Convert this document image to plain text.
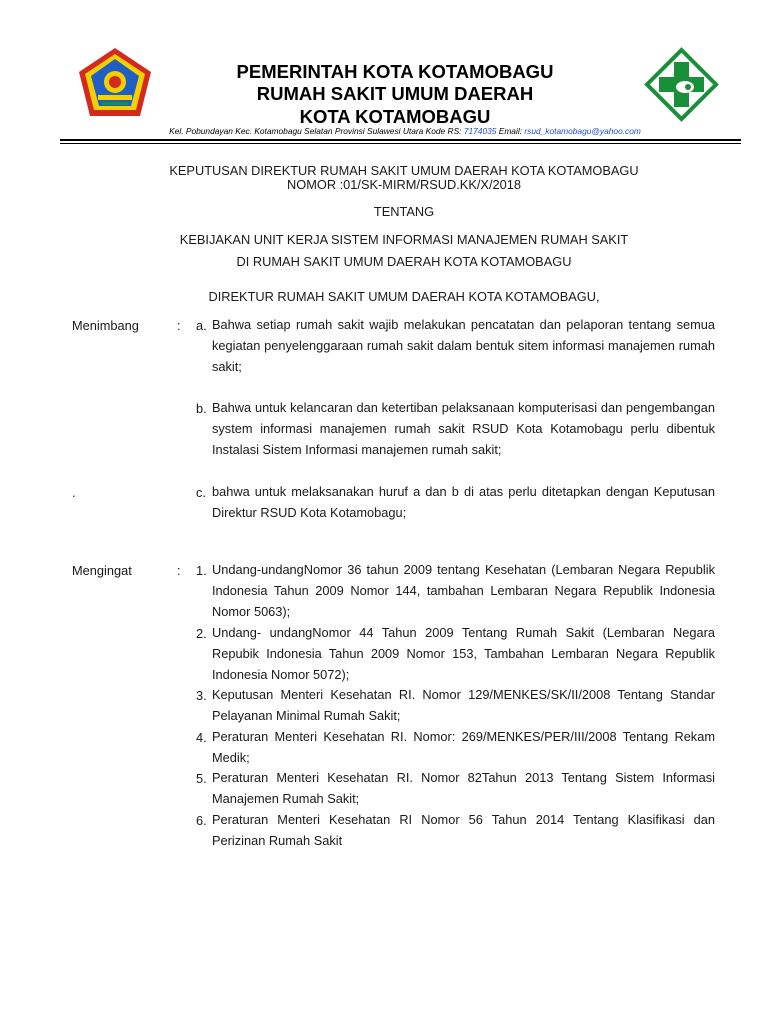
PEMERINTAH KOTA KOTAMOBAGU
RUMAH SAKIT UMUM DAERAH
KOTA KOTAMOBAGU
Kel. Pobundayan Kec. Kotamobagu Selatan Provinsi Sulawesi Utara Kode RS: 7174035 Email: rsud_kotamobagu@yahoo.com
KEPUTUSAN DIREKTUR RUMAH SAKIT UMUM DAERAH KOTA KOTAMOBAGU
NOMOR :01/SK-MIRM/RSUD.KK/X/2018
TENTANG
KEBIJAKAN UNIT KERJA SISTEM INFORMASI MANAJEMEN RUMAH SAKIT
DI RUMAH SAKIT UMUM DAERAH KOTA KOTAMOBAGU
DIREKTUR RUMAH SAKIT UMUM DAERAH KOTA KOTAMOBAGU,
Menimbang	: a. Bahwa setiap rumah sakit wajib melakukan pencatatan dan pelaporan tentang semua kegiatan penyelenggaraan rumah sakit dalam bentuk sitem informasi manajemen rumah sakit;

b. Bahwa untuk kelancaran dan ketertiban pelaksanaan komputerisasi dan pengembangan system informasi manajemen rumah sakit RSUD Kota Kotamobagu perlu dibentuk Instalasi Sistem Informasi manajemen rumah sakit;

.	c. bahwa untuk melaksanakan huruf a dan b di atas perlu ditetapkan dengan Keputusan Direktur RSUD Kota Kotamobagu;

Mengingat	: 1. Undang-undangNomor 36 tahun 2009 tentang Kesehatan (Lembaran Negara Republik Indonesia Tahun 2009 Nomor 144, tambahan Lembaran Negara Republik Indonesia Nomor 5063);

2. Undang- undangNomor 44 Tahun 2009 Tentang Rumah Sakit (Lembaran Negara Repubik Indonesia Tahun 2009 Nomor 153, Tambahan Lembaran Negara Republik Indonesia Nomor 5072);

3. Keputusan Menteri Kesehatan RI. Nomor 129/MENKES/SK/II/2008 Tentang Standar Pelayanan Minimal Rumah Sakit;

4. Peraturan Menteri Kesehatan RI. Nomor: 269/MENKES/PER/III/2008 Tentang Rekam Medik;

5. Peraturan Menteri Kesehatan RI. Nomor 82Tahun 2013 Tentang Sistem Informasi Manajemen Rumah Sakit;

6. Peraturan Menteri Kesehatan RI Nomor 56 Tahun 2014 Tentang Klasifikasi dan Perizinan Rumah Sakit
